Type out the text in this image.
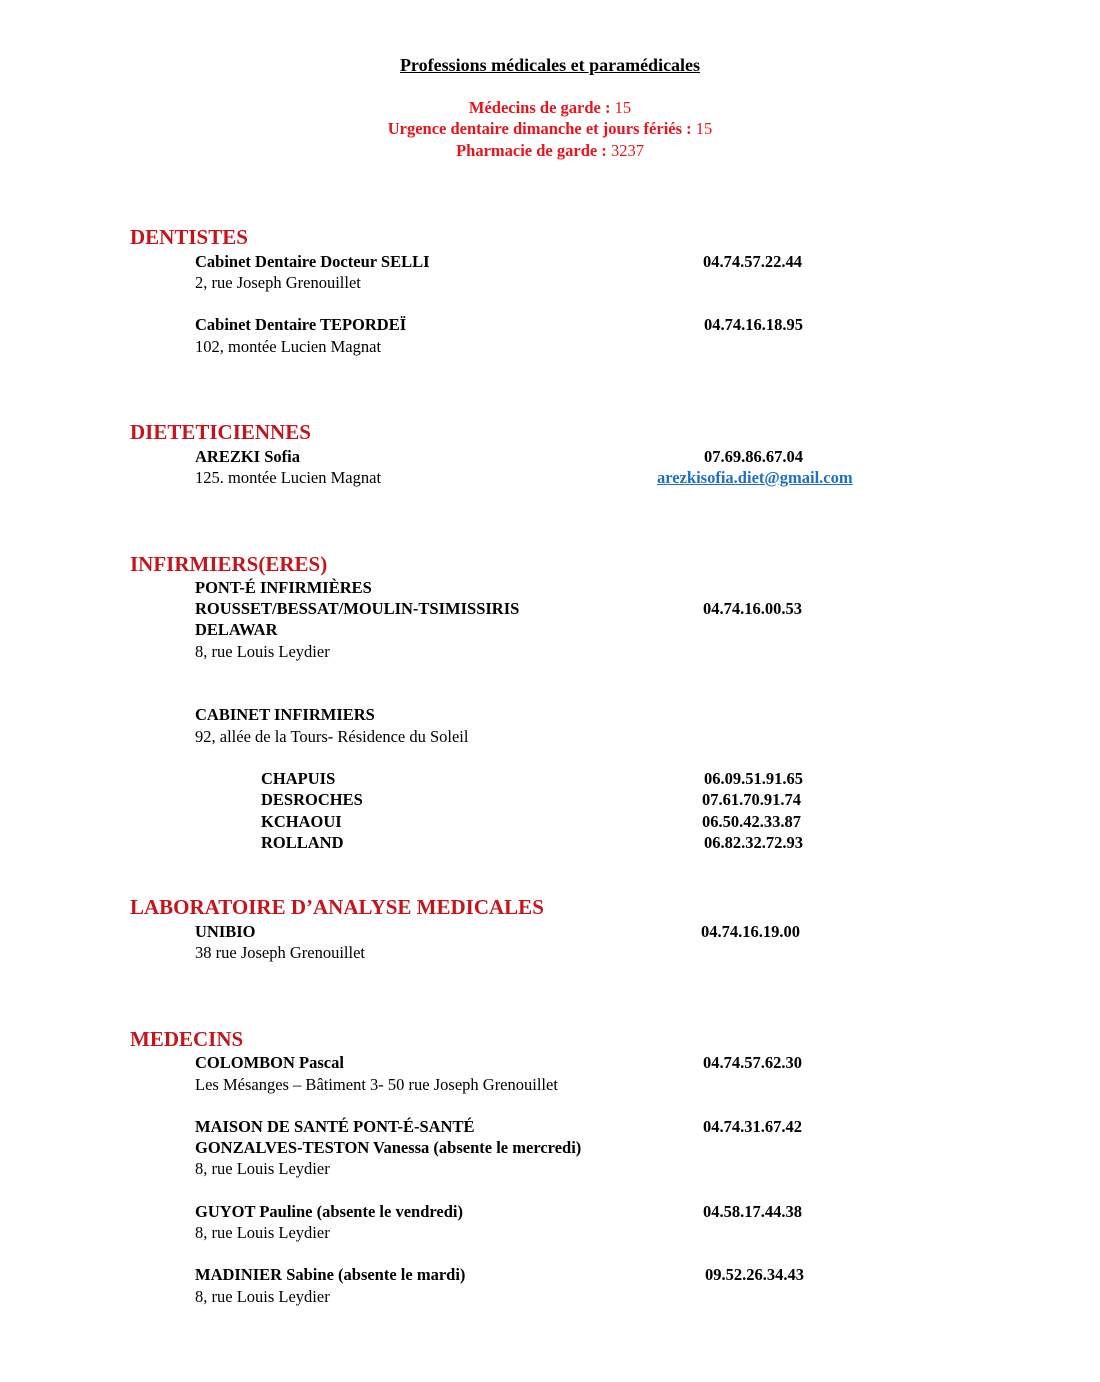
Professions médicales et paramédicales
Médecins de garde : 15
Urgence dentaire dimanche et jours fériés : 15
Pharmacie de garde : 3237
DENTISTES
Cabinet Dentaire Docteur SELLI	04.74.57.22.44
2, rue Joseph Grenouillet
Cabinet Dentaire TEPORDEÏ	04.74.16.18.95
102, montée Lucien Magnat
DIETETICIENNES
AREZKI Sofia	07.69.86.67.04
125. montée Lucien Magnat	arezkisofia.diet@gmail.com
INFIRMIERS(ERES)
PONT-É INFIRMIÈRES
ROUSSET/BESSAT/MOULIN-TSIMISSIRIS	04.74.16.00.53
DELAWAR
8, rue Louis Leydier
CABINET INFIRMIERS
92, allée de la Tours- Résidence du Soleil
CHAPUIS	06.09.51.91.65
DESROCHES	07.61.70.91.74
KCHAOUI	06.50.42.33.87
ROLLAND	06.82.32.72.93
LABORATOIRE D’ANALYSE MEDICALES
UNIBIO	04.74.16.19.00
38 rue Joseph Grenouillet
MEDECINS
COLOMBON Pascal	04.74.57.62.30
Les Mésanges – Bâtiment 3- 50 rue Joseph Grenouillet
MAISON DE SANTÉ PONT-É-SANTÉ	04.74.31.67.42
GONZALVES-TESTON Vanessa (absente le mercredi)
8, rue Louis Leydier
GUYOT Pauline (absente le vendredi)	04.58.17.44.38
8, rue Louis Leydier
MADINIER Sabine (absente le mardi)	09.52.26.34.43
8, rue Louis Leydier
